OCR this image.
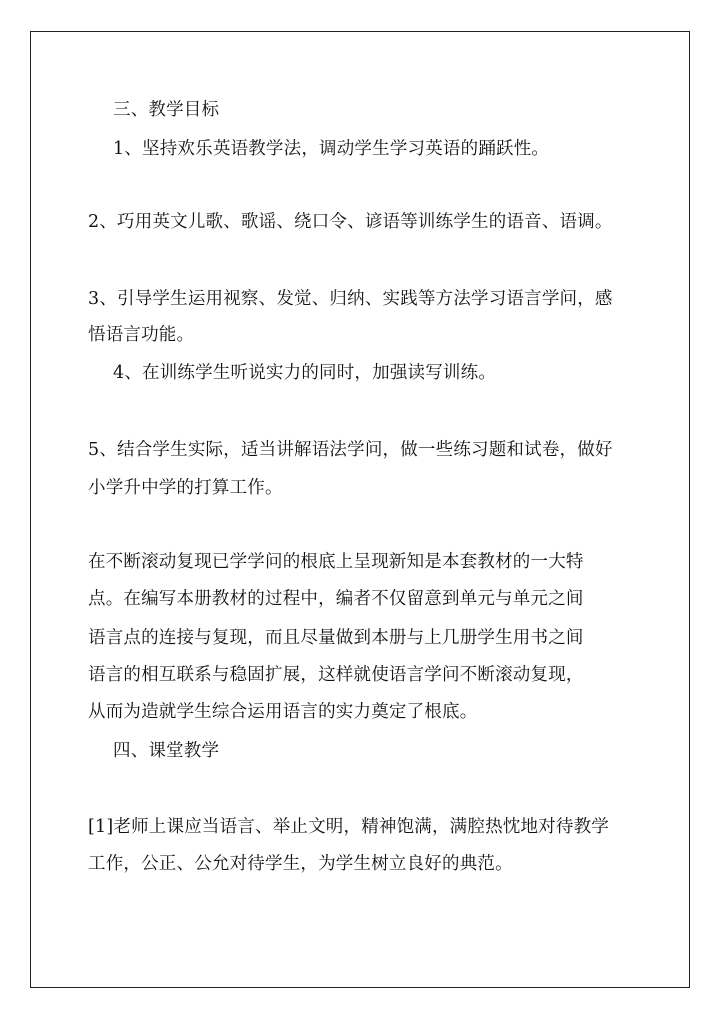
三、教学目标
1、坚持欢乐英语教学法，调动学生学习英语的踊跃性。
2、巧用英文儿歌、歌谣、绕口令、谚语等训练学生的语音、语调。
3、引导学生运用视察、发觉、归纳、实践等方法学习语言学问，感
悟语言功能。
4、在训练学生听说实力的同时，加强读写训练。
5、结合学生实际，适当讲解语法学问，做一些练习题和试卷，做好
小学升中学的打算工作。
在不断滚动复现已学学问的根底上呈现新知是本套教材的一大特
点。在编写本册教材的过程中，编者不仅留意到单元与单元之间
语言点的连接与复现，而且尽量做到本册与上几册学生用书之间
语言的相互联系与稳固扩展，这样就使语言学问不断滚动复现，
从而为造就学生综合运用语言的实力奠定了根底。
四、课堂教学
[1]老师上课应当语言、举止文明，精神饱满，满腔热忱地对待教学
工作，公正、公允对待学生，为学生树立良好的典范。
